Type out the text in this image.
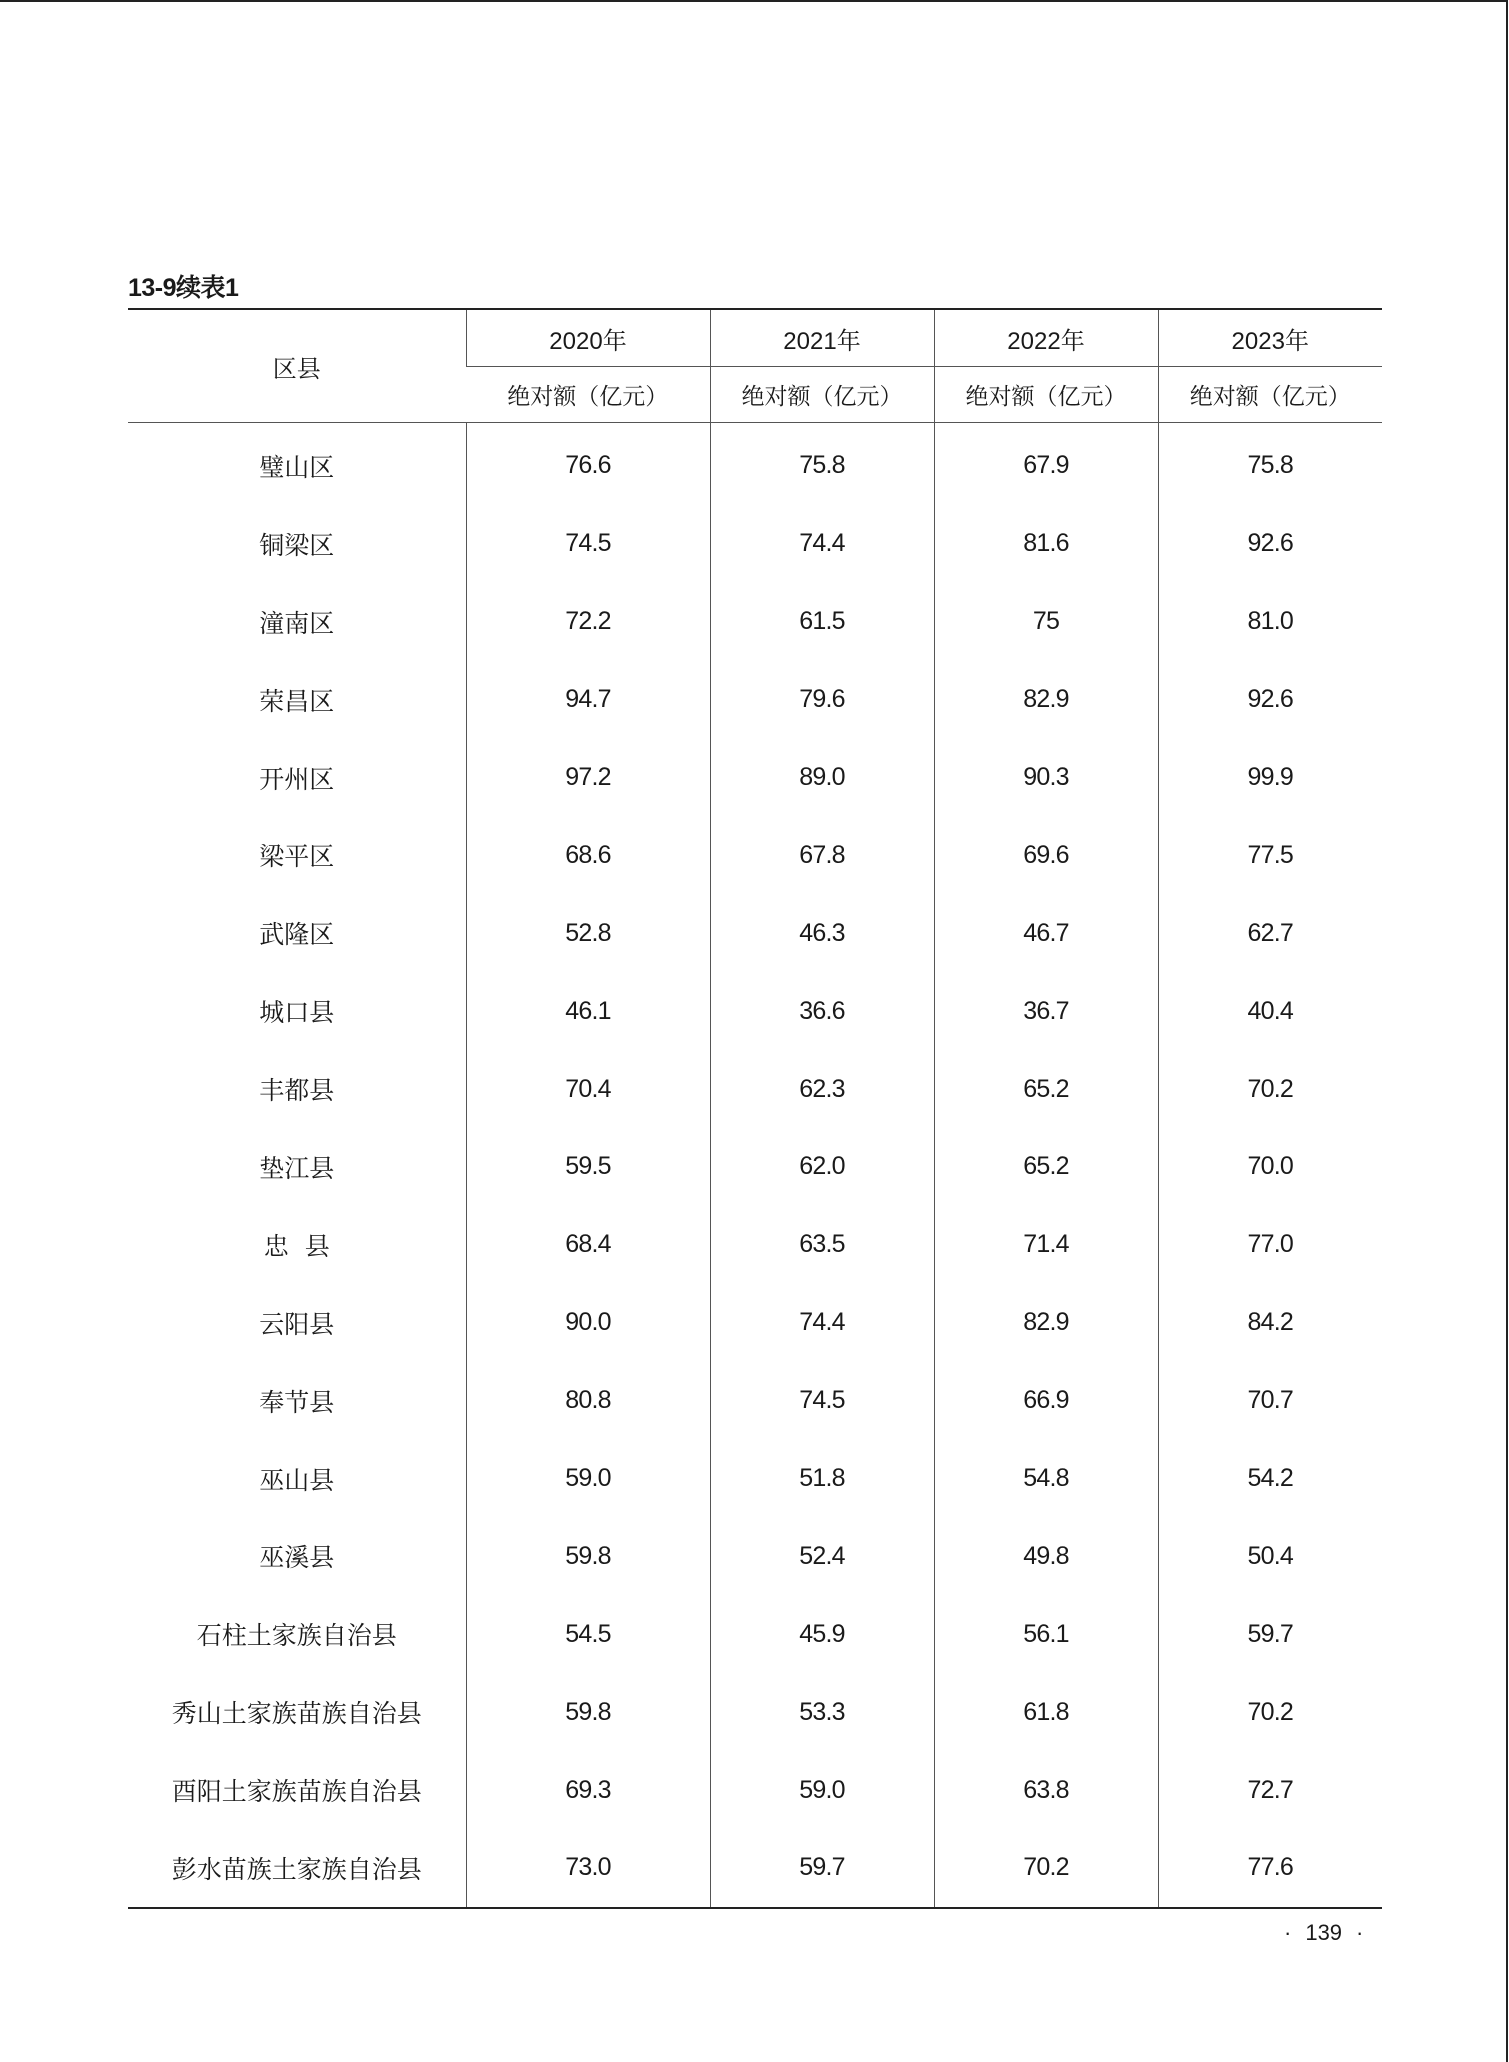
13-9续表1
区县	2020年	2021年	2022年	2023年
	绝对额（亿元）	绝对额（亿元）	绝对额（亿元）	绝对额（亿元）
璧山区	76.6	75.8	67.9	75.8
铜梁区	74.5	74.4	81.6	92.6
潼南区	72.2	61.5	75	81.0
荣昌区	94.7	79.6	82.9	92.6
开州区	97.2	89.0	90.3	99.9
梁平区	68.6	67.8	69.6	77.5
武隆区	52.8	46.3	46.7	62.7
城口县	46.1	36.6	36.7	40.4
丰都县	70.4	62.3	65.2	70.2
垫江县	59.5	62.0	65.2	70.0
忠  县	68.4	63.5	71.4	77.0
云阳县	90.0	74.4	82.9	84.2
奉节县	80.8	74.5	66.9	70.7
巫山县	59.0	51.8	54.8	54.2
巫溪县	59.8	52.4	49.8	50.4
石柱土家族自治县	54.5	45.9	56.1	59.7
秀山土家族苗族自治县	59.8	53.3	61.8	70.2
酉阳土家族苗族自治县	69.3	59.0	63.8	72.7
彭水苗族土家族自治县	73.0	59.7	70.2	77.6
· 139 ·
